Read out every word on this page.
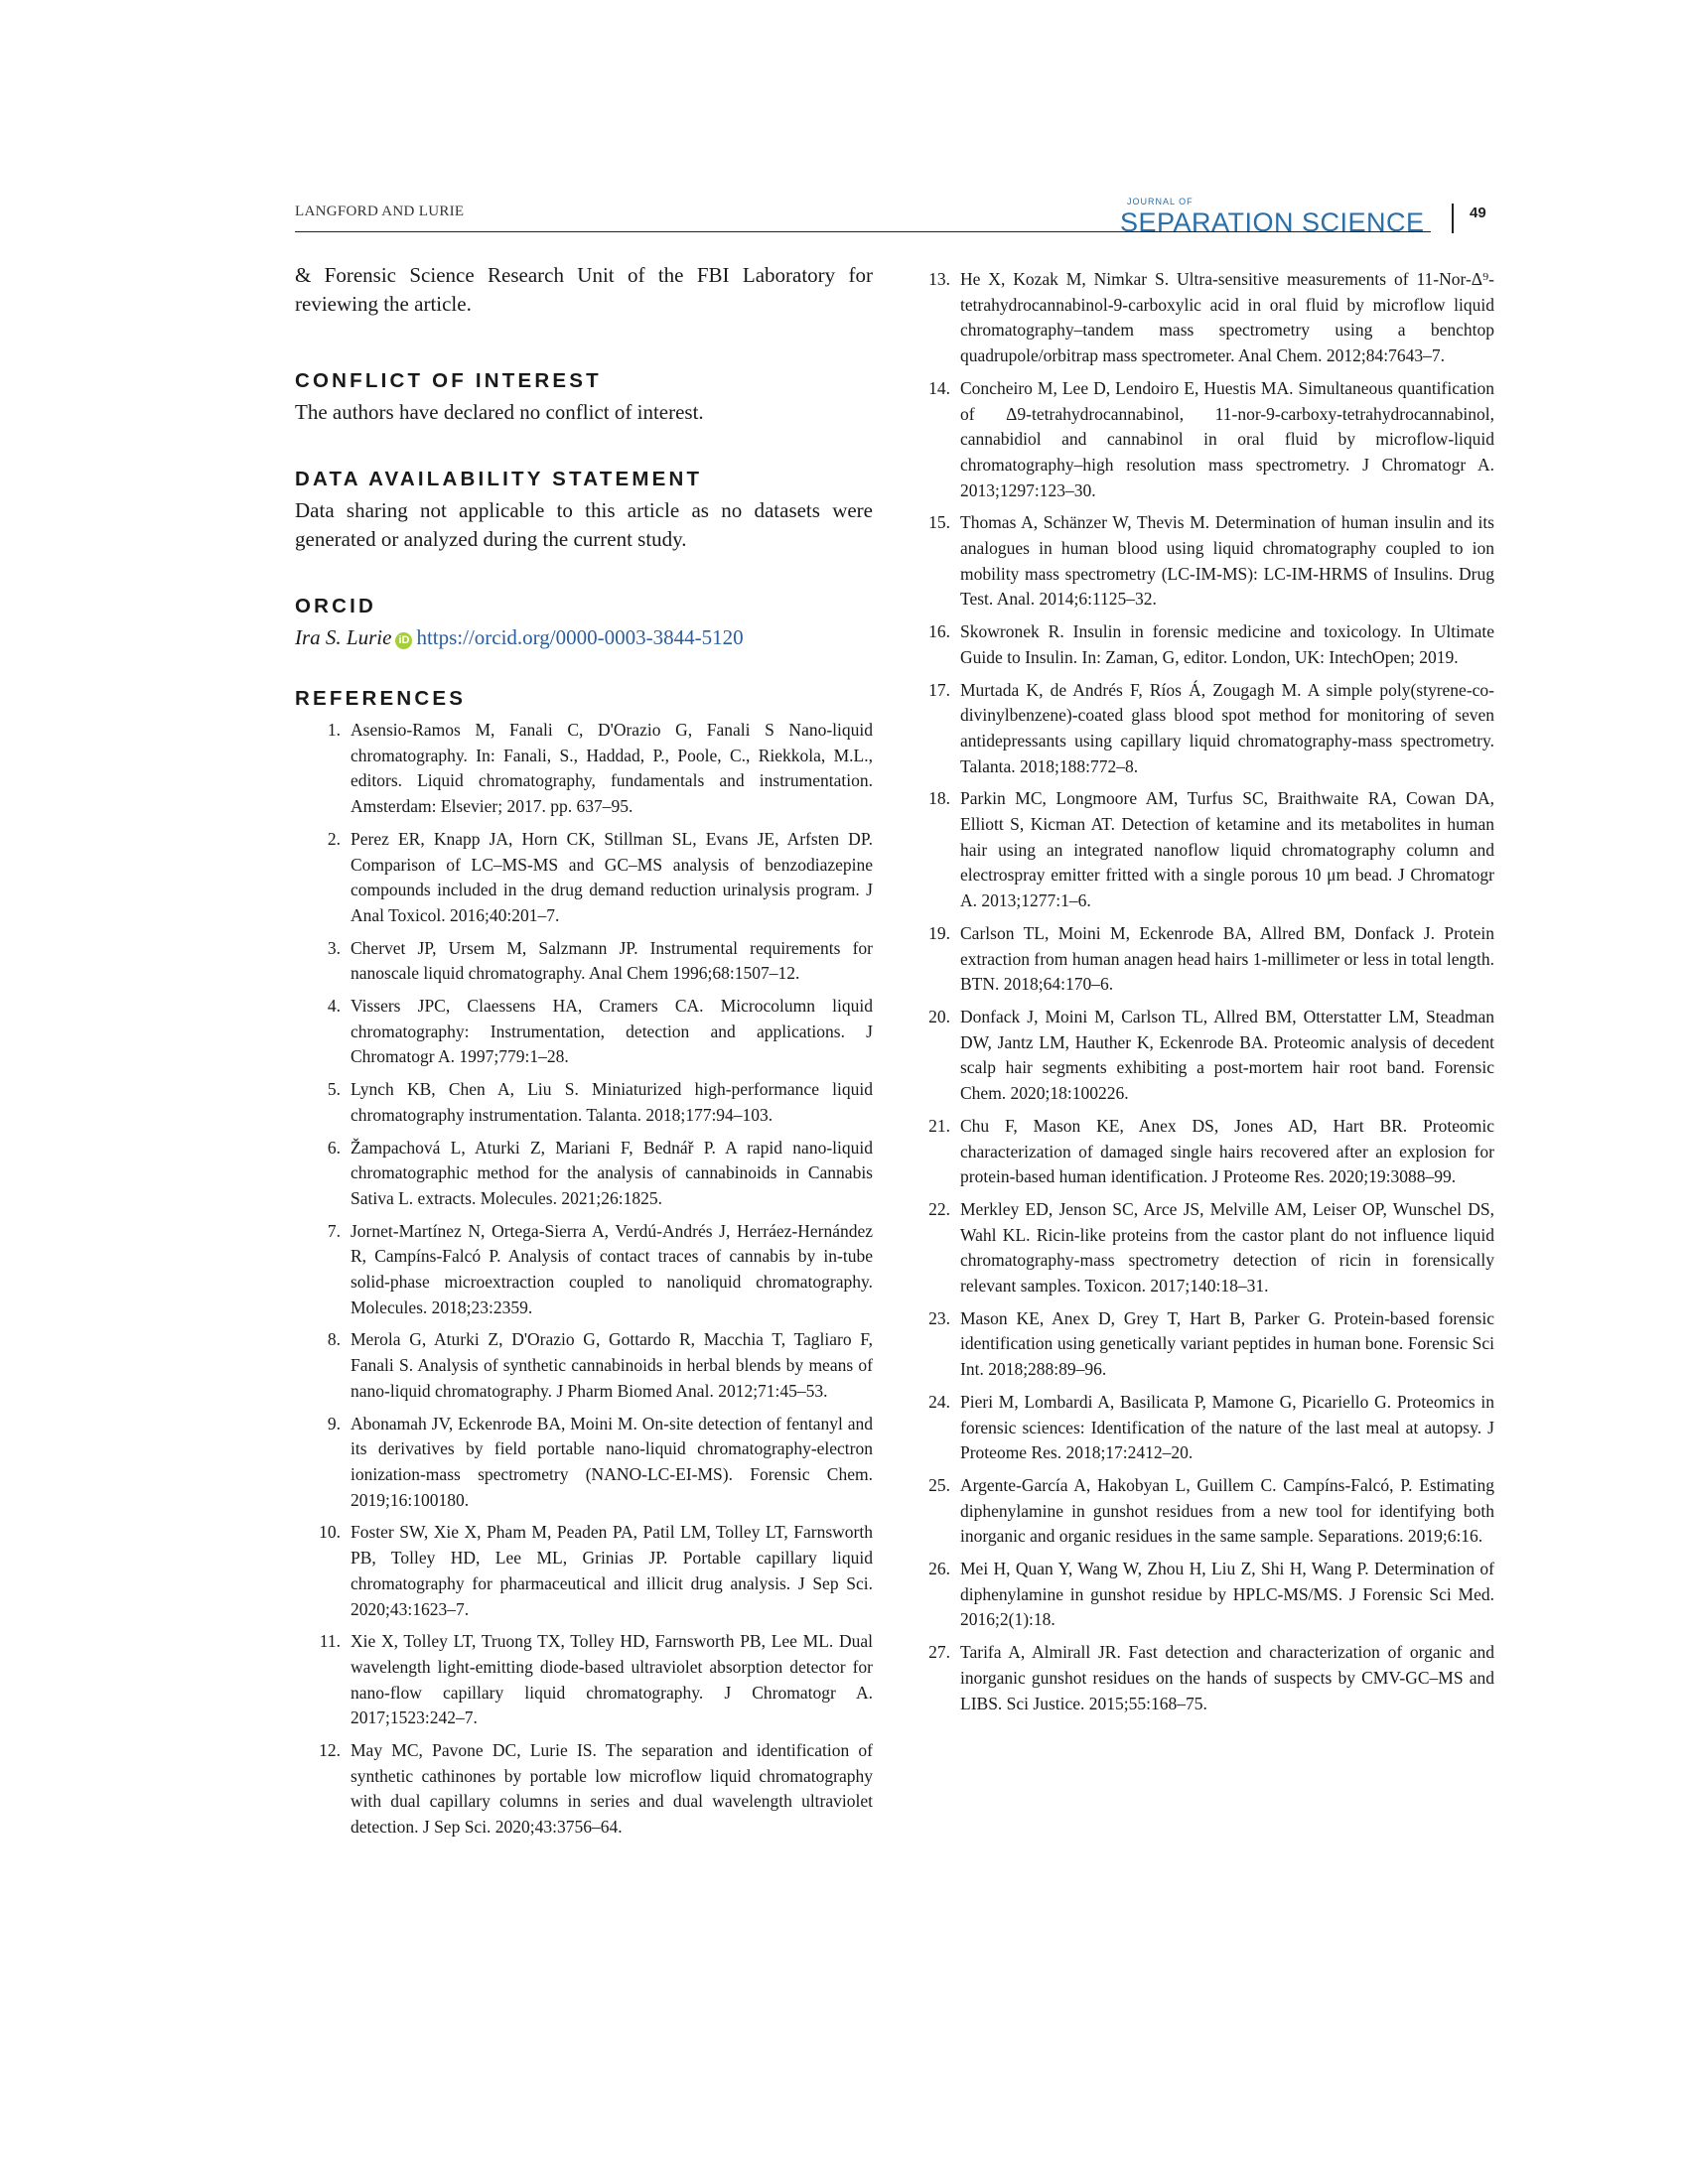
LANGFORD AND LURIE
JOURNAL OF
SEPARATION SCIENCE	49

& Forensic Science Research Unit of the FBI Laboratory for reviewing the article.

CONFLICT OF INTEREST

The authors have declared no conflict of interest.

DATA AVAILABILITY STATEMENT

Data sharing not applicable to this article as no datasets were generated or analyzed during the current study.

ORCID

Ira S. Lurie iD https://orcid.org/0000-0003-3844-5120

REFERENCES
1. Asensio-Ramos M, Fanali C, D'Orazio G, Fanali S Nano-liquid chromatography. In: Fanali, S., Haddad, P., Poole, C., Riekkola, M.L., editors. Liquid chromatography, fundamentals and instrumentation. Amsterdam: Elsevier; 2017. pp. 637–95.
2. Perez ER, Knapp JA, Horn CK, Stillman SL, Evans JE, Arfsten DP. Comparison of LC–MS-MS and GC–MS analysis of benzodiazepine compounds included in the drug demand reduction urinalysis program. J Anal Toxicol. 2016;40:201–7.
3. Chervet JP, Ursem M, Salzmann JP. Instrumental requirements for nanoscale liquid chromatography. Anal Chem 1996;68:1507–12.
4. Vissers JPC, Claessens HA, Cramers CA. Microcolumn liquid chromatography: Instrumentation, detection and applications. J Chromatogr A. 1997;779:1–28.
5. Lynch KB, Chen A, Liu S. Miniaturized high-performance liquid chromatography instrumentation. Talanta. 2018;177:94–103.
6. Žampachová L, Aturki Z, Mariani F, Bednář P. A rapid nano-liquid chromatographic method for the analysis of cannabinoids in Cannabis Sativa L. extracts. Molecules. 2021;26:1825.
7. Jornet-Martínez N, Ortega-Sierra A, Verdú-Andrés J, Herráez-Hernández R, Campíns-Falcó P. Analysis of contact traces of cannabis by in-tube solid-phase microextraction coupled to nanoliquid chromatography. Molecules. 2018;23:2359.
8. Merola G, Aturki Z, D'Orazio G, Gottardo R, Macchia T, Tagliaro F, Fanali S. Analysis of synthetic cannabinoids in herbal blends by means of nano-liquid chromatography. J Pharm Biomed Anal. 2012;71:45–53.
9. Abonamah JV, Eckenrode BA, Moini M. On-site detection of fentanyl and its derivatives by field portable nano-liquid chromatography-electron ionization-mass spectrometry (NANO-LC-EI-MS). Forensic Chem. 2019;16:100180.
10. Foster SW, Xie X, Pham M, Peaden PA, Patil LM, Tolley LT, Farnsworth PB, Tolley HD, Lee ML, Grinias JP. Portable capillary liquid chromatography for pharmaceutical and illicit drug analysis. J Sep Sci. 2020;43:1623–7.
11. Xie X, Tolley LT, Truong TX, Tolley HD, Farnsworth PB, Lee ML. Dual wavelength light-emitting diode-based ultraviolet absorption detector for nano-flow capillary liquid chromatography. J Chromatogr A. 2017;1523:242–7.
12. May MC, Pavone DC, Lurie IS. The separation and identification of synthetic cathinones by portable low microflow liquid chromatography with dual capillary columns in series and dual wavelength ultraviolet detection. J Sep Sci. 2020;43:3756–64.
13. He X, Kozak M, Nimkar S. Ultra-sensitive measurements of 11-Nor-Δ⁹-tetrahydrocannabinol-9-carboxylic acid in oral fluid by microflow liquid chromatography–tandem mass spectrometry using a benchtop quadrupole/orbitrap mass spectrometer. Anal Chem. 2012;84:7643–7.
14. Concheiro M, Lee D, Lendoiro E, Huestis MA. Simultaneous quantification of Δ9-tetrahydrocannabinol, 11-nor-9-carboxy-tetrahydrocannabinol, cannabidiol and cannabinol in oral fluid by microflow-liquid chromatography–high resolution mass spectrometry. J Chromatogr A. 2013;1297:123–30.
15. Thomas A, Schänzer W, Thevis M. Determination of human insulin and its analogues in human blood using liquid chromatography coupled to ion mobility mass spectrometry (LC-IM-MS): LC-IM-HRMS of Insulins. Drug Test. Anal. 2014;6:1125–32.
16. Skowronek R. Insulin in forensic medicine and toxicology. In Ultimate Guide to Insulin. In: Zaman, G, editor. London, UK: IntechOpen; 2019.
17. Murtada K, de Andrés F, Ríos Á, Zougagh M. A simple poly(styrene-co-divinylbenzene)-coated glass blood spot method for monitoring of seven antidepressants using capillary liquid chromatography-mass spectrometry. Talanta. 2018;188:772–8.
18. Parkin MC, Longmoore AM, Turfus SC, Braithwaite RA, Cowan DA, Elliott S, Kicman AT. Detection of ketamine and its metabolites in human hair using an integrated nanoflow liquid chromatography column and electrospray emitter fritted with a single porous 10 μm bead. J Chromatogr A. 2013;1277:1–6.
19. Carlson TL, Moini M, Eckenrode BA, Allred BM, Donfack J. Protein extraction from human anagen head hairs 1-millimeter or less in total length. BTN. 2018;64:170–6.
20. Donfack J, Moini M, Carlson TL, Allred BM, Otterstatter LM, Steadman DW, Jantz LM, Hauther K, Eckenrode BA. Proteomic analysis of decedent scalp hair segments exhibiting a post-mortem hair root band. Forensic Chem. 2020;18:100226.
21. Chu F, Mason KE, Anex DS, Jones AD, Hart BR. Proteomic characterization of damaged single hairs recovered after an explosion for protein-based human identification. J Proteome Res. 2020;19:3088–99.
22. Merkley ED, Jenson SC, Arce JS, Melville AM, Leiser OP, Wunschel DS, Wahl KL. Ricin-like proteins from the castor plant do not influence liquid chromatography-mass spectrometry detection of ricin in forensically relevant samples. Toxicon. 2017;140:18–31.
23. Mason KE, Anex D, Grey T, Hart B, Parker G. Protein-based forensic identification using genetically variant peptides in human bone. Forensic Sci Int. 2018;288:89–96.
24. Pieri M, Lombardi A, Basilicata P, Mamone G, Picariello G. Proteomics in forensic sciences: Identification of the nature of the last meal at autopsy. J Proteome Res. 2018;17:2412–20.
25. Argente-García A, Hakobyan L, Guillem C. Campíns-Falcó, P. Estimating diphenylamine in gunshot residues from a new tool for identifying both inorganic and organic residues in the same sample. Separations. 2019;6:16.
26. Mei H, Quan Y, Wang W, Zhou H, Liu Z, Shi H, Wang P. Determination of diphenylamine in gunshot residue by HPLC-MS/MS. J Forensic Sci Med. 2016;2(1):18.
27. Tarifa A, Almirall JR. Fast detection and characterization of organic and inorganic gunshot residues on the hands of suspects by CMV-GC–MS and LIBS. Sci Justice. 2015;55:168–75.
